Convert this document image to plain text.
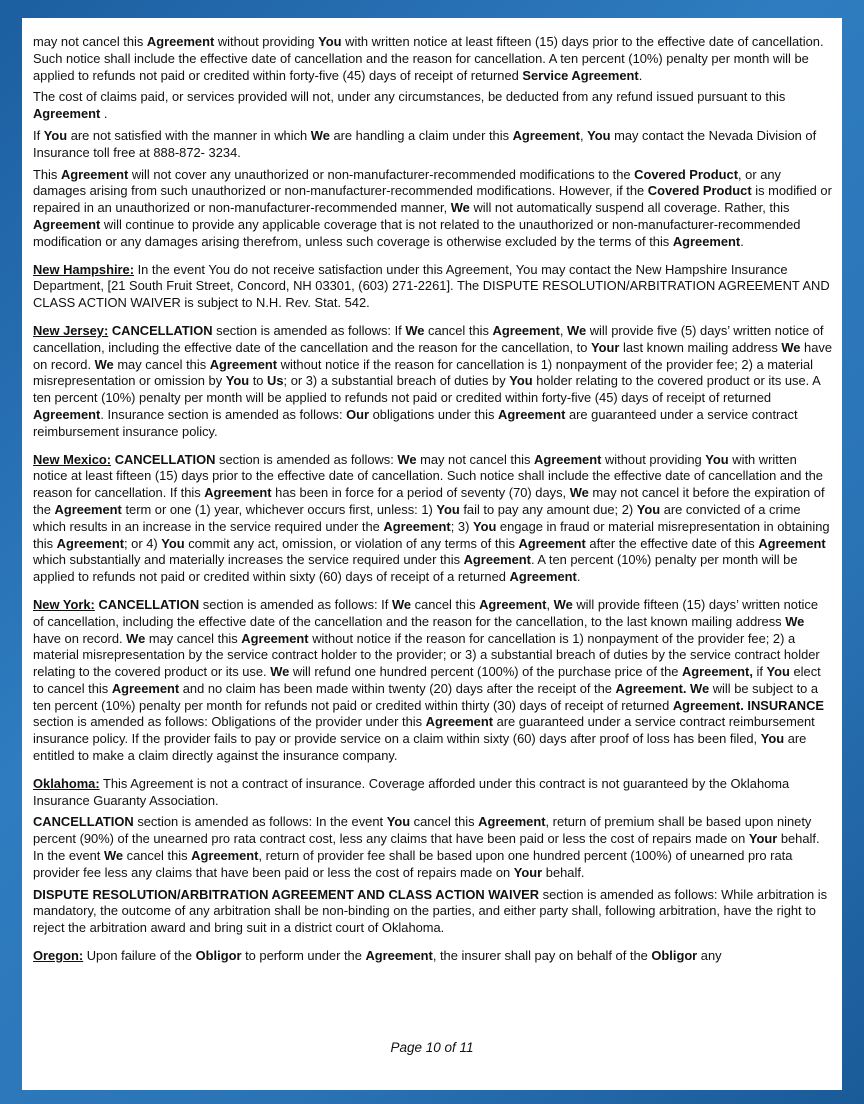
may not cancel this Agreement without providing You with written notice at least fifteen (15) days prior to the effective date of cancellation. Such notice shall include the effective date of cancellation and the reason for cancellation. A ten percent (10%) penalty per month will be applied to refunds not paid or credited within forty-five (45) days of receipt of returned Service Agreement.

The cost of claims paid, or services provided will not, under any circumstances, be deducted from any refund issued pursuant to this Agreement .

If You are not satisfied with the manner in which We are handling a claim under this Agreement, You may contact the Nevada Division of Insurance toll free at 888-872- 3234.

This Agreement will not cover any unauthorized or non-manufacturer-recommended modifications to the Covered Product, or any damages arising from such unauthorized or non-manufacturer-recommended modifications. However, if the Covered Product is modified or repaired in an unauthorized or non-manufacturer-recommended manner, We will not automatically suspend all coverage. Rather, this Agreement will continue to provide any applicable coverage that is not related to the unauthorized or non-manufacturer-recommended modification or any damages arising therefrom, unless such coverage is otherwise excluded by the terms of this Agreement.

New Hampshire: In the event You do not receive satisfaction under this Agreement, You may contact the New Hampshire Insurance Department, [21 South Fruit Street, Concord, NH 03301, (603) 271-2261]. The DISPUTE RESOLUTION/ARBITRATION AGREEMENT AND CLASS ACTION WAIVER is subject to N.H. Rev. Stat. 542.

New Jersey: CANCELLATION section is amended as follows: If We cancel this Agreement, We will provide five (5) days’ written notice of cancellation, including the effective date of the cancellation and the reason for the cancellation, to Your last known mailing address We have on record. We may cancel this Agreement without notice if the reason for cancellation is 1) nonpayment of the provider fee; 2) a material misrepresentation or omission by You to Us; or 3) a substantial breach of duties by You holder relating to the covered product or its use. A ten percent (10%) penalty per month will be applied to refunds not paid or credited within forty-five (45) days of receipt of returned Agreement. Insurance section is amended as follows: Our obligations under this Agreement are guaranteed under a service contract reimbursement insurance policy.

New Mexico: CANCELLATION section is amended as follows: We may not cancel this Agreement without providing You with written notice at least fifteen (15) days prior to the effective date of cancellation. Such notice shall include the effective date of cancellation and the reason for cancellation. If this Agreement has been in force for a period of seventy (70) days, We may not cancel it before the expiration of the Agreement term or one (1) year, whichever occurs first, unless: 1) You fail to pay any amount due; 2) You are convicted of a crime which results in an increase in the service required under the Agreement; 3) You engage in fraud or material misrepresentation in obtaining this Agreement; or 4) You commit any act, omission, or violation of any terms of this Agreement after the effective date of this Agreement which substantially and materially increases the service required under this Agreement. A ten percent (10%) penalty per month will be applied to refunds not paid or credited within sixty (60) days of receipt of a returned Agreement.

New York: CANCELLATION section is amended as follows: If We cancel this Agreement, We will provide fifteen (15) days’ written notice of cancellation, including the effective date of the cancellation and the reason for the cancellation, to the last known mailing address We have on record. We may cancel this Agreement without notice if the reason for cancellation is 1) nonpayment of the provider fee; 2) a material misrepresentation by the service contract holder to the provider; or 3) a substantial breach of duties by the service contract holder relating to the covered product or its use. We will refund one hundred percent (100%) of the purchase price of the Agreement, if You elect to cancel this Agreement and no claim has been made within twenty (20) days after the receipt of the Agreement. We will be subject to a ten percent (10%) penalty per month for refunds not paid or credited within thirty (30) days of receipt of returned Agreement. INSURANCE section is amended as follows: Obligations of the provider under this Agreement are guaranteed under a service contract reimbursement insurance policy. If the provider fails to pay or provide service on a claim within sixty (60) days after proof of loss has been filed, You are entitled to make a claim directly against the insurance company.

Oklahoma: This Agreement is not a contract of insurance. Coverage afforded under this contract is not guaranteed by the Oklahoma Insurance Guaranty Association.

CANCELLATION section is amended as follows: In the event You cancel this Agreement, return of premium shall be based upon ninety percent (90%) of the unearned pro rata contract cost, less any claims that have been paid or less the cost of repairs made on Your behalf. In the event We cancel this Agreement, return of provider fee shall be based upon one hundred percent (100%) of unearned pro rata provider fee less any claims that have been paid or less the cost of repairs made on Your behalf.

DISPUTE RESOLUTION/ARBITRATION AGREEMENT AND CLASS ACTION WAIVER section is amended as follows: While arbitration is mandatory, the outcome of any arbitration shall be non-binding on the parties, and either party shall, following arbitration, have the right to reject the arbitration award and bring suit in a district court of Oklahoma.

Oregon: Upon failure of the Obligor to perform under the Agreement, the insurer shall pay on behalf of the Obligor any

Page 10 of 11
